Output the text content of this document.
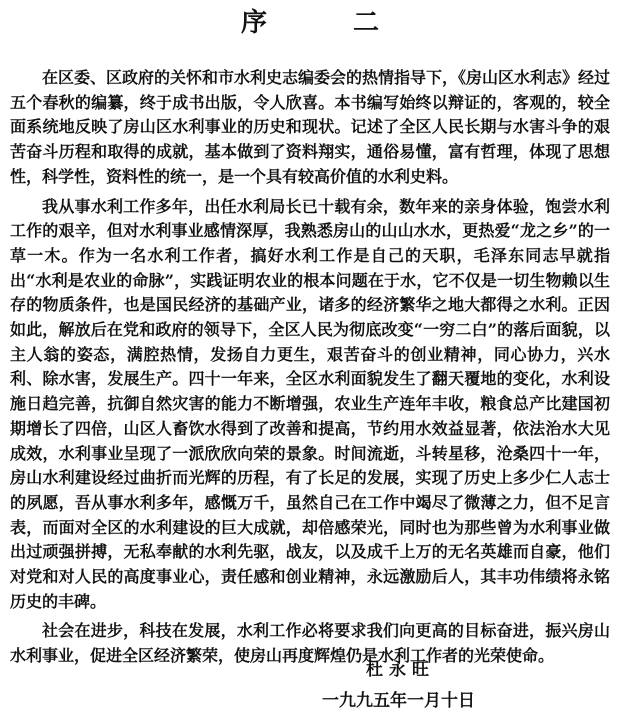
序　二

在区委、区政府的关怀和市水利史志编委会的热情指导下，《房山区水利志》经过五个春秋的编纂，终于成书出版，令人欣喜。本书编写始终以辩证的，客观的，较全面系统地反映了房山区水利事业的历史和现状。记述了全区人民长期与水害斗争的艰苦奋斗历程和取得的成就，基本做到了资料翔实，通俗易懂，富有哲理，体现了思想性，科学性，资料性的统一，是一个具有较高价值的水利史料。

我从事水利工作多年，出任水利局长已十载有余，数年来的亲身体验，饱尝水利工作的艰辛，但对水利事业感情深厚，我熟悉房山的山山水水，更热爱“龙之乡”的一草一木。作为一名水利工作者，搞好水利工作是自己的天职，毛泽东同志早就指出“水利是农业的命脉”，实践证明农业的根本问题在于水，它不仅是一切生物赖以生存的物质条件，也是国民经济的基础产业，诸多的经济繁华之地大都得之水利。正因如此，解放后在党和政府的领导下，全区人民为彻底改变“一穷二白”的落后面貌，以主人翁的姿态，满腔热情，发扬自力更生，艰苦奋斗的创业精神，同心协力，兴水利、除水害，发展生产。四十一年来，全区水利面貌发生了翻天覆地的变化，水利设施日趋完善，抗御自然灾害的能力不断增强，农业生产连年丰收，粮食总产比建国初期增长了四倍，山区人畜饮水得到了改善和提高，节约用水效益显著，依法治水大见成效，水利事业呈现了一派欣欣向荣的景象。时间流逝，斗转星移，沧桑四十一年，房山水利建设经过曲折而光辉的历程，有了长足的发展，实现了历史上多少仁人志士的夙愿，吾从事水利多年，感慨万千，虽然自己在工作中竭尽了微薄之力，但不足言表，而面对全区的水利建设的巨大成就，却倍感荣光，同时也为那些曾为水利事业做出过顽强拼搏，无私奉献的水利先驱，战友，以及成千上万的无名英雄而自豪，他们对党和对人民的高度事业心，责任感和创业精神，永远激励后人，其丰功伟绩将永铭历史的丰碑。

社会在进步，科技在发展，水利工作必将要求我们向更高的目标奋进，振兴房山水利事业，促进全区经济繁荣，使房山再度辉煌仍是水利工作者的光荣使命。

杜永旺
一九九五年一月十日
